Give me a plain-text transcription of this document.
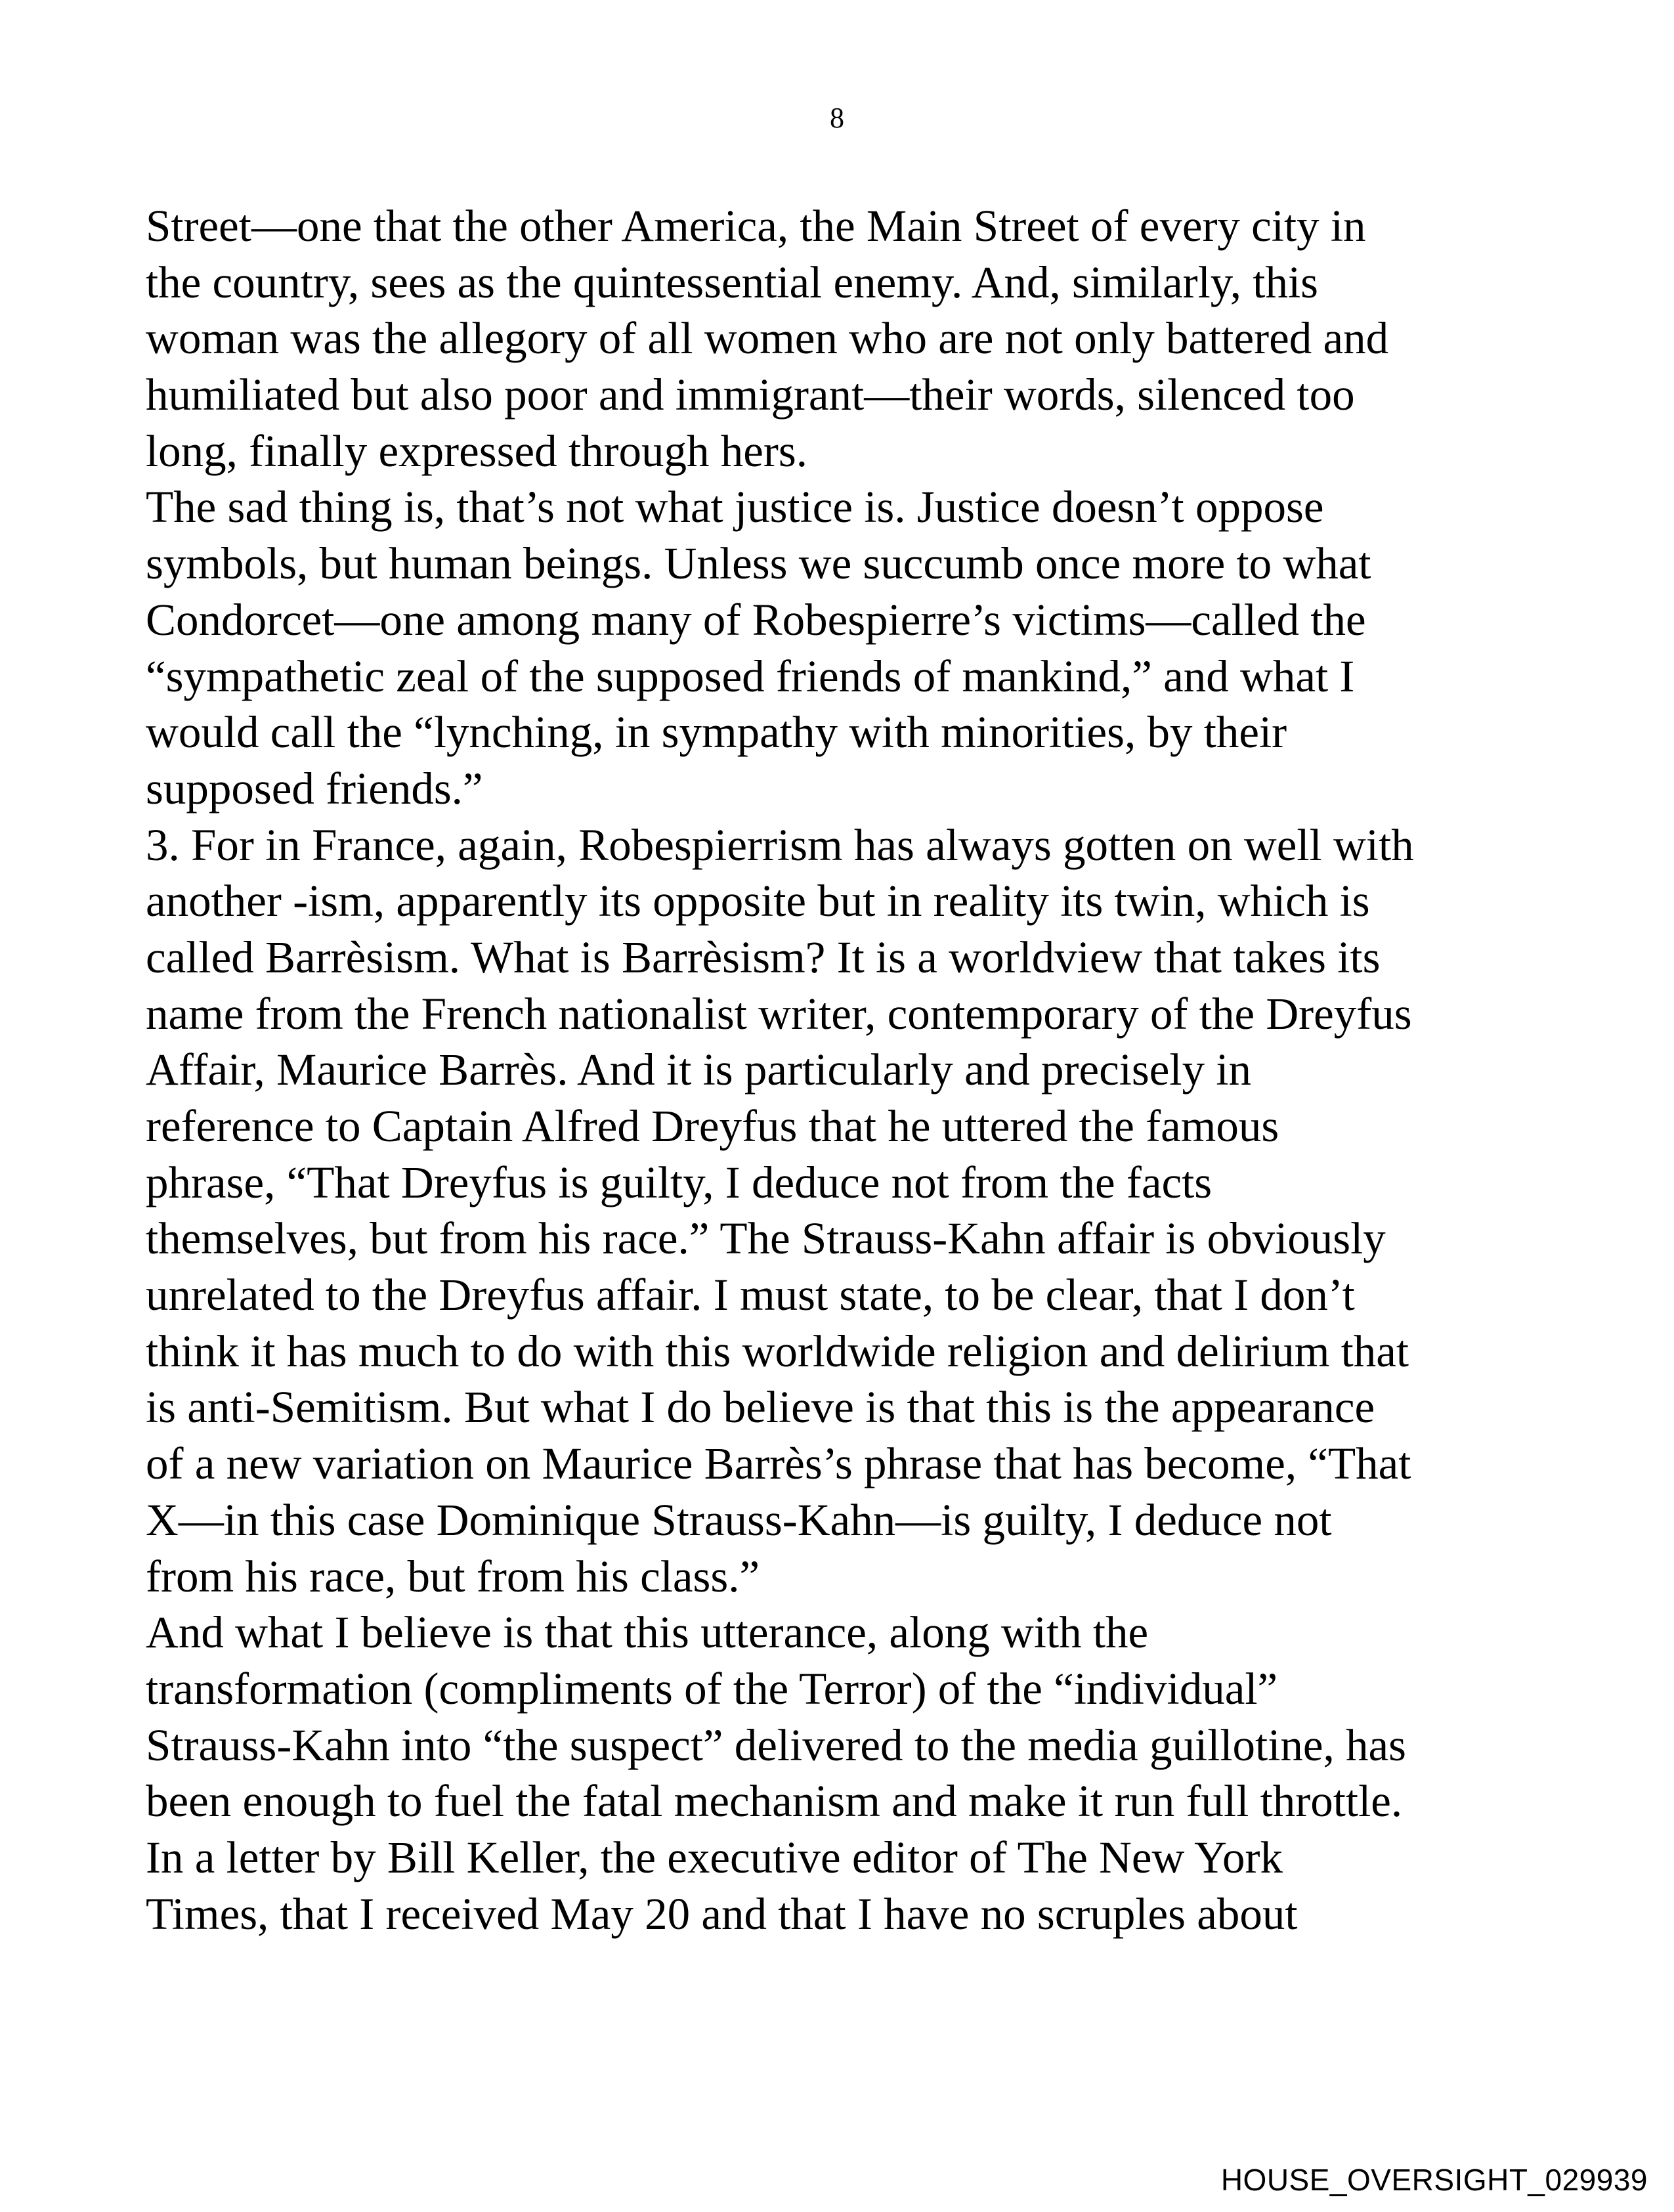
8
Street—one that the other America, the Main Street of every city in
the country, sees as the quintessential enemy. And, similarly, this
woman was the allegory of all women who are not only battered and
humiliated but also poor and immigrant—their words, silenced too
long, finally expressed through hers.
The sad thing is, that’s not what justice is. Justice doesn’t oppose
symbols, but human beings. Unless we succumb once more to what
Condorcet—one among many of Robespierre’s victims—called the
“sympathetic zeal of the supposed friends of mankind,” and what I
would call the “lynching, in sympathy with minorities, by their
supposed friends.”
3. For in France, again, Robespierrism has always gotten on well with
another -ism, apparently its opposite but in reality its twin, which is
called Barrèsism. What is Barrèsism? It is a worldview that takes its
name from the French nationalist writer, contemporary of the Dreyfus
Affair, Maurice Barrès. And it is particularly and precisely in
reference to Captain Alfred Dreyfus that he uttered the famous
phrase, “That Dreyfus is guilty, I deduce not from the facts
themselves, but from his race.” The Strauss-Kahn affair is obviously
unrelated to the Dreyfus affair. I must state, to be clear, that I don’t
think it has much to do with this worldwide religion and delirium that
is anti-Semitism. But what I do believe is that this is the appearance
of a new variation on Maurice Barrès’s phrase that has become, “That
X—in this case Dominique Strauss-Kahn—is guilty, I deduce not
from his race, but from his class.”
And what I believe is that this utterance, along with the
transformation (compliments of the Terror) of the “individual”
Strauss-Kahn into “the suspect” delivered to the media guillotine, has
been enough to fuel the fatal mechanism and make it run full throttle.
In a letter by Bill Keller, the executive editor of The New York
Times, that I received May 20 and that I have no scruples about
HOUSE_OVERSIGHT_029939
